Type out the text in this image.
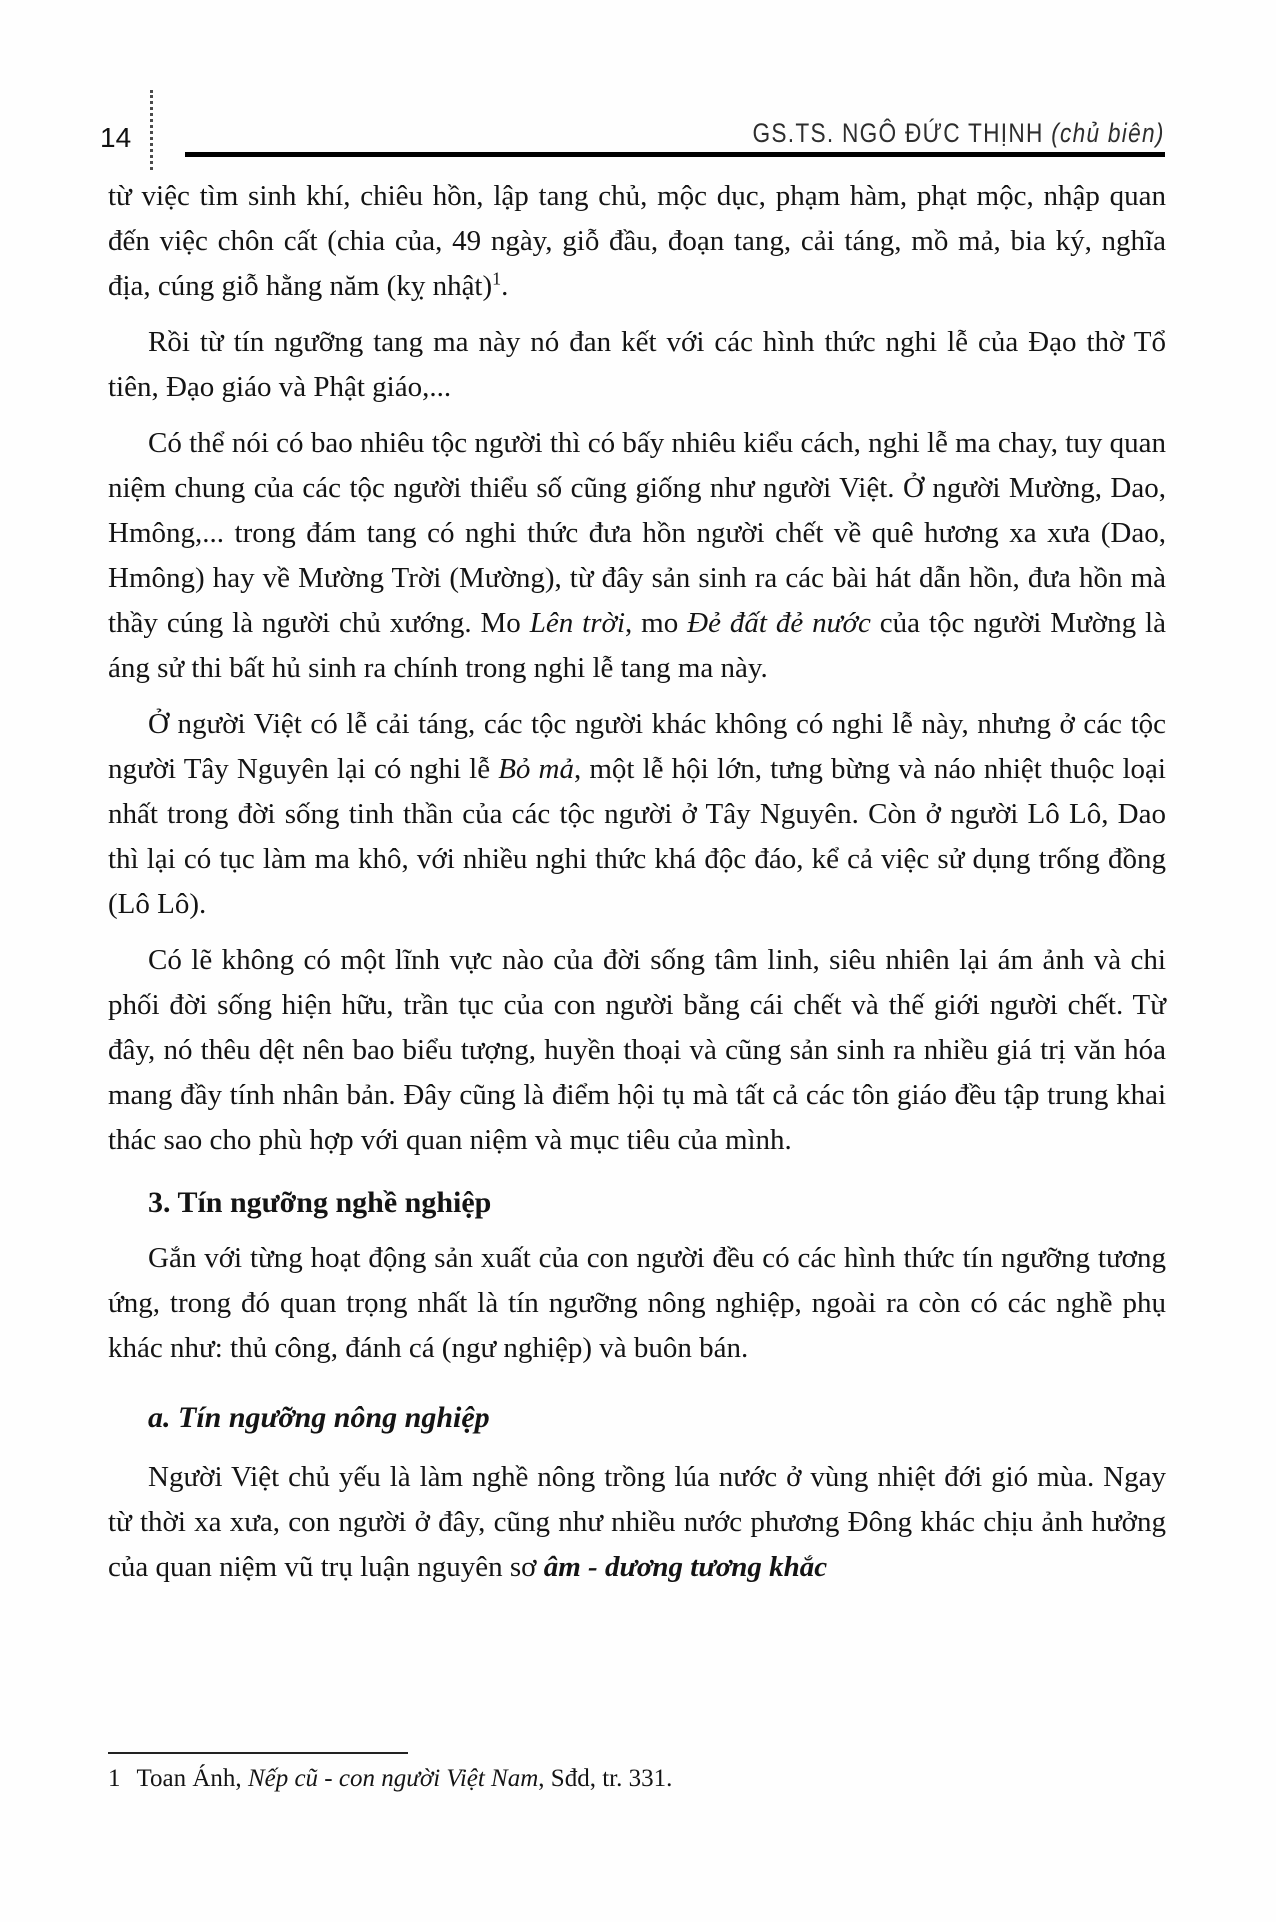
14	GS.TS. NGÔ ĐỨC THỊNH (chủ biên)

từ việc tìm sinh khí, chiêu hồn, lập tang chủ, mộc dục, phạm hàm, phạt mộc, nhập quan đến việc chôn cất (chia của, 49 ngày, giỗ đầu, đoạn tang, cải táng, mồ mả, bia ký, nghĩa địa, cúng giỗ hằng năm (kỵ nhật)$^1$.

Rồi từ tín ngưỡng tang ma này nó đan kết với các hình thức nghi lễ của Đạo thờ Tổ tiên, Đạo giáo và Phật giáo,...

Có thể nói có bao nhiêu tộc người thì có bấy nhiêu kiểu cách, nghi lễ ma chay, tuy quan niệm chung của các tộc người thiểu số cũng giống như người Việt. Ở người Mường, Dao, Hmông,... trong đám tang có nghi thức đưa hồn người chết về quê hương xa xưa (Dao, Hmông) hay về Mường Trời (Mường), từ đây sản sinh ra các bài hát dẫn hồn, đưa hồn mà thầy cúng là người chủ xướng. Mo Lên trời, mo Đẻ đất đẻ nước của tộc người Mường là áng sử thi bất hủ sinh ra chính trong nghi lễ tang ma này.

Ở người Việt có lễ cải táng, các tộc người khác không có nghi lễ này, nhưng ở các tộc người Tây Nguyên lại có nghi lễ Bỏ mả, một lễ hội lớn, tưng bừng và náo nhiệt thuộc loại nhất trong đời sống tinh thần của các tộc người ở Tây Nguyên. Còn ở người Lô Lô, Dao thì lại có tục làm ma khô, với nhiều nghi thức khá độc đáo, kể cả việc sử dụng trống đồng (Lô Lô).

Có lẽ không có một lĩnh vực nào của đời sống tâm linh, siêu nhiên lại ám ảnh và chi phối đời sống hiện hữu, trần tục của con người bằng cái chết và thế giới người chết. Từ đây, nó thêu dệt nên bao biểu tượng, huyền thoại và cũng sản sinh ra nhiều giá trị văn hóa mang đầy tính nhân bản. Đây cũng là điểm hội tụ mà tất cả các tôn giáo đều tập trung khai thác sao cho phù hợp với quan niệm và mục tiêu của mình.

3. Tín ngưỡng nghề nghiệp

Gắn với từng hoạt động sản xuất của con người đều có các hình thức tín ngưỡng tương ứng, trong đó quan trọng nhất là tín ngưỡng nông nghiệp, ngoài ra còn có các nghề phụ khác như: thủ công, đánh cá (ngư nghiệp) và buôn bán.

a. Tín ngưỡng nông nghiệp

Người Việt chủ yếu là làm nghề nông trồng lúa nước ở vùng nhiệt đới gió mùa. Ngay từ thời xa xưa, con người ở đây, cũng như nhiều nước phương Đông khác chịu ảnh hưởng của quan niệm vũ trụ luận nguyên sơ âm - dương tương khắc

1 Toan Ánh, Nếp cũ - con người Việt Nam, Sđd, tr. 331.
